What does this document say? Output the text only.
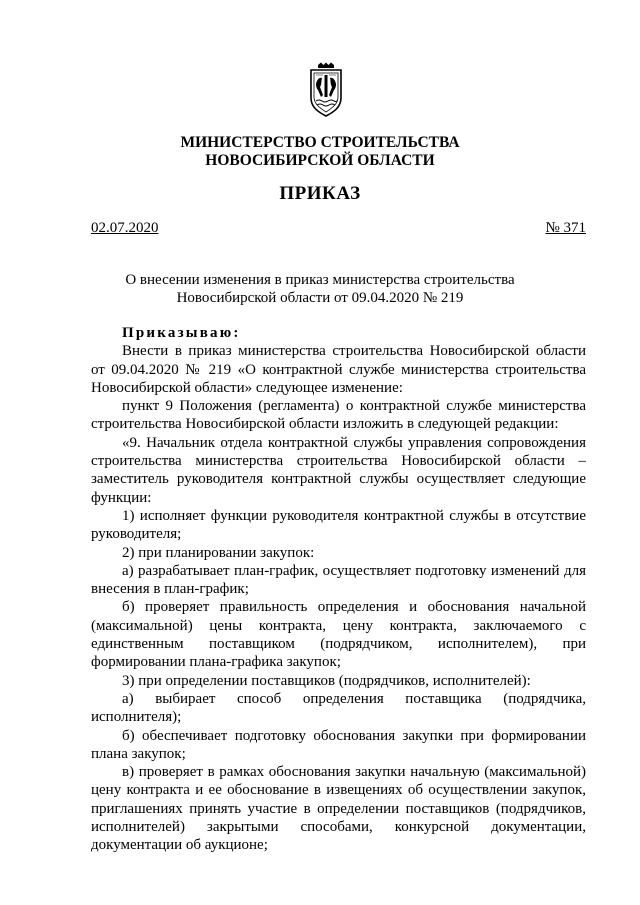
МИНИСТЕРСТВО СТРОИТЕЛЬСТВА
НОВОСИБИРСКОЙ ОБЛАСТИ
ПРИКАЗ
02.07.2020	№ 371
О внесении изменения в приказ министерства строительства
Новосибирской области от 09.04.2020 № 219

Приказываю:

Внести в приказ министерства строительства Новосибирской области от 09.04.2020 № 219 «О контрактной службе министерства строительства Новосибирской области» следующее изменение:

пункт 9 Положения (регламента) о контрактной службе министерства строительства Новосибирской области изложить в следующей редакции:

«9. Начальник отдела контрактной службы управления сопровождения строительства министерства строительства Новосибирской области – заместитель руководителя контрактной службы осуществляет следующие функции:

1) исполняет функции руководителя контрактной службы в отсутствие руководителя;

2) при планировании закупок:

а) разрабатывает план-график, осуществляет подготовку изменений для внесения в план-график;

б) проверяет правильность определения и обоснования начальной (максимальной) цены контракта, цену контракта, заключаемого с единственным поставщиком (подрядчиком, исполнителем), при формировании плана-графика закупок;

3) при определении поставщиков (подрядчиков, исполнителей):

а) выбирает способ определения поставщика (подрядчика, исполнителя);

б) обеспечивает подготовку обоснования закупки при формировании плана закупок;

в) проверяет в рамках обоснования закупки начальную (максимальной) цену контракта и ее обоснование в извещениях об осуществлении закупок, приглашениях принять участие в определении поставщиков (подрядчиков, исполнителей) закрытыми способами, конкурсной документации, документации об аукционе;
